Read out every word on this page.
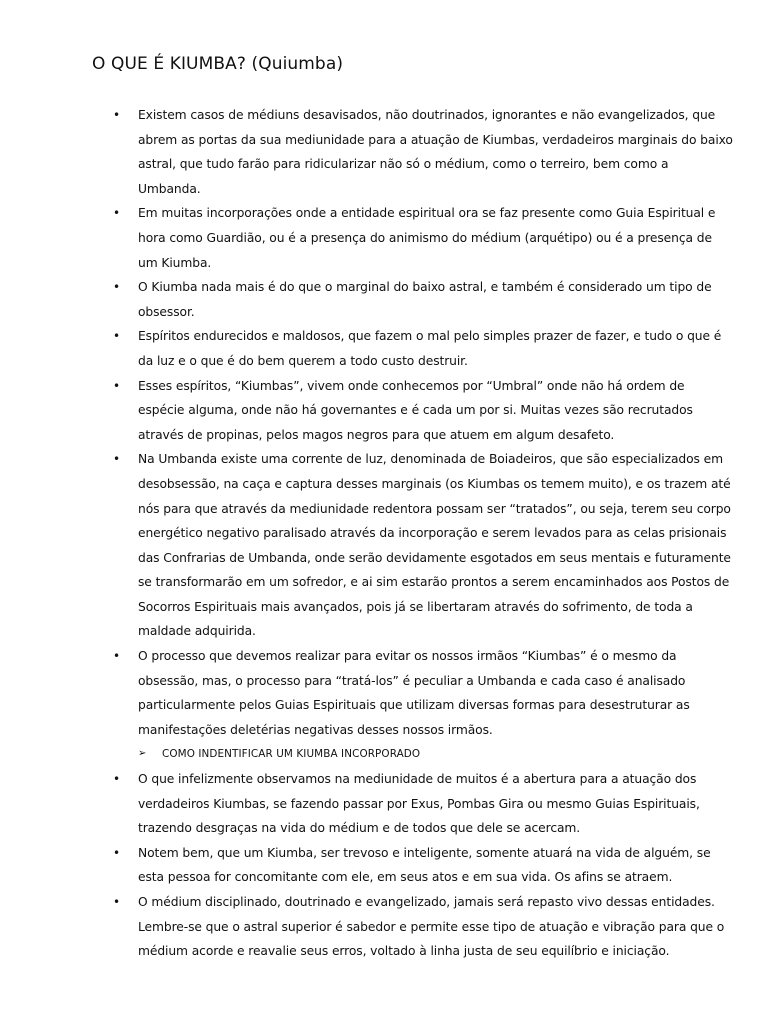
O QUE É KIUMBA? (Quiumba)
• Existem casos de médiuns desavisados, não doutrinados, ignorantes e não evangelizados, que abrem as portas da sua mediunidade para a atuação de Kiumbas, verdadeiros marginais do baixo astral, que tudo farão para ridicularizar não só o médium, como o terreiro, bem como a Umbanda.
• Em muitas incorporações onde a entidade espiritual ora se faz presente como Guia Espiritual e hora como Guardião, ou é a presença do animismo do médium (arquétipo) ou é a presença de um Kiumba.
• O Kiumba nada mais é do que o marginal do baixo astral, e também é considerado um tipo de obsessor.
• Espíritos endurecidos e maldosos, que fazem o mal pelo simples prazer de fazer, e tudo o que é da luz e o que é do bem querem a todo custo destruir.
• Esses espíritos, “Kiumbas”, vivem onde conhecemos por “Umbral” onde não há ordem de espécie alguma, onde não há governantes e é cada um por si. Muitas vezes são recrutados através de propinas, pelos magos negros para que atuem em algum desafeto.
• Na Umbanda existe uma corrente de luz, denominada de Boiadeiros, que são especializados em desobsessão, na caça e captura desses marginais (os Kiumbas os temem muito), e os trazem até nós para que através da mediunidade redentora possam ser “tratados”, ou seja, terem seu corpo energético negativo paralisado através da incorporação e serem levados para as celas prisionais das Confrarias de Umbanda, onde serão devidamente esgotados em seus mentais e futuramente se transformarão em um sofredor, e ai sim estarão prontos a serem encaminhados aos Postos de Socorros Espirituais mais avançados, pois já se libertaram através do sofrimento, de toda a maldade adquirida.
• O processo que devemos realizar para evitar os nossos irmãos “Kiumbas” é o mesmo da obsessão, mas, o processo para “tratá-los” é peculiar a Umbanda e cada caso é analisado particularmente pelos Guias Espirituais que utilizam diversas formas para desestruturar as manifestações deletérias negativas desses nossos irmãos.
➢ COMO INDENTIFICAR UM KIUMBA INCORPORADO
• O que infelizmente observamos na mediunidade de muitos é a abertura para a atuação dos verdadeiros Kiumbas, se fazendo passar por Exus, Pombas Gira ou mesmo Guias Espirituais, trazendo desgraças na vida do médium e de todos que dele se acercam.
• Notem bem, que um Kiumba, ser trevoso e inteligente, somente atuará na vida de alguém, se esta pessoa for concomitante com ele, em seus atos e em sua vida. Os afins se atraem.
• O médium disciplinado, doutrinado e evangelizado, jamais será repasto vivo dessas entidades. Lembre-se que o astral superior é sabedor e permite esse tipo de atuação e vibração para que o médium acorde e reavalie seus erros, voltado à linha justa de seu equilíbrio e iniciação.
